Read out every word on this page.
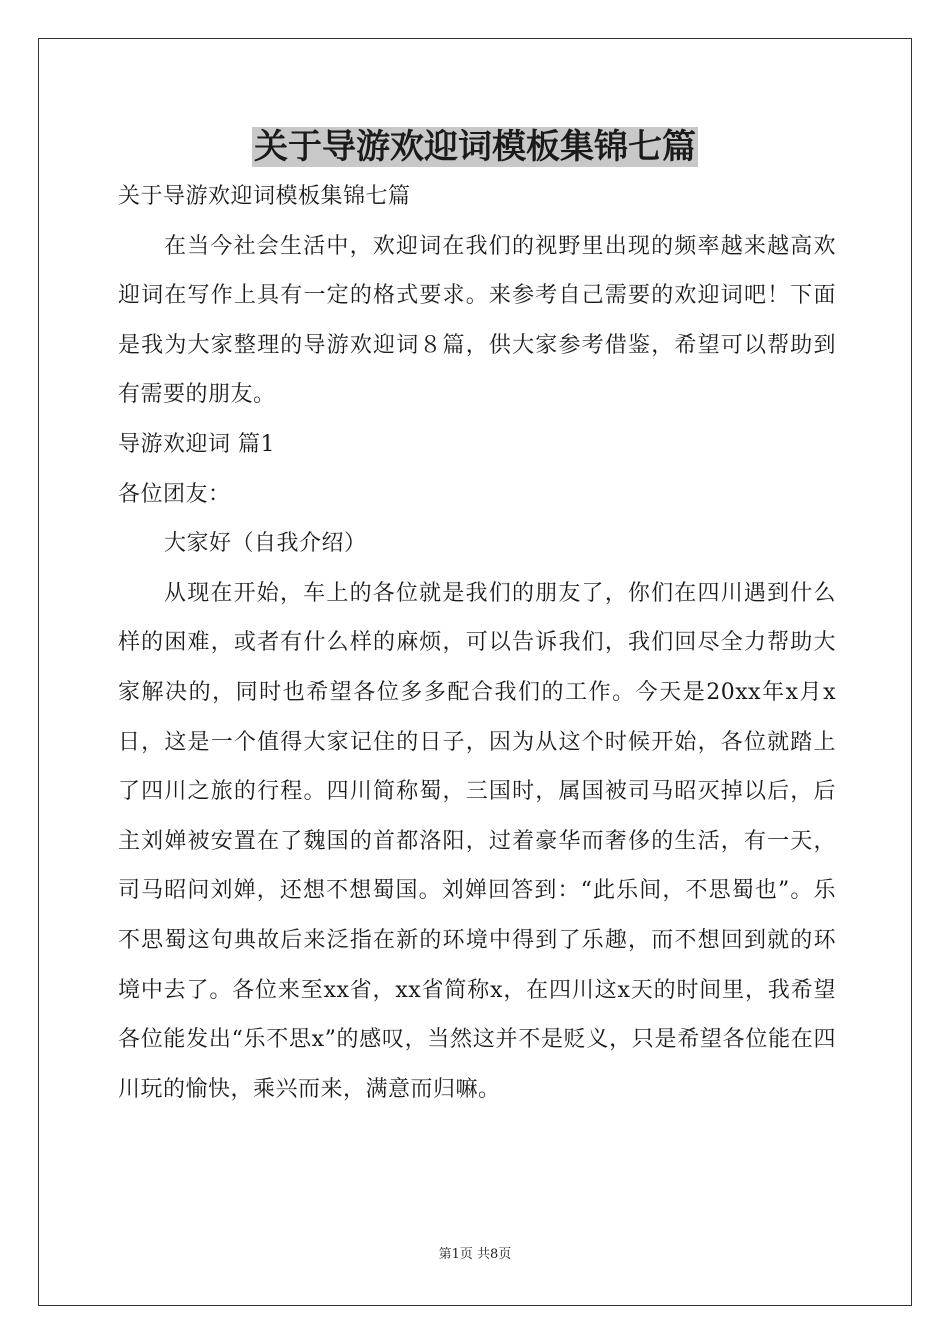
关于导游欢迎词模板集锦七篇

关于导游欢迎词模板集锦七篇

在当今社会生活中，欢迎词在我们的视野里出现的频率越来越高欢迎词在写作上具有一定的格式要求。来参考自己需要的欢迎词吧！下面是我为大家整理的导游欢迎词８篇，供大家参考借鉴，希望可以帮助到有需要的朋友。

导游欢迎词 篇1

各位团友：

大家好（自我介绍）

从现在开始，车上的各位就是我们的朋友了，你们在四川遇到什么样的困难，或者有什么样的麻烦，可以告诉我们，我们回尽全力帮助大家解决的，同时也希望各位多多配合我们的工作。今天是20xx年x月x日，这是一个值得大家记住的日子，因为从这个时候开始，各位就踏上了四川之旅的行程。四川简称蜀，三国时，属国被司马昭灭掉以后，后主刘婵被安置在了魏国的首都洛阳，过着豪华而奢侈的生活，有一天，司马昭问刘婵，还想不想蜀国。刘婵回答到：“此乐间，不思蜀也”。乐不思蜀这句典故后来泛指在新的环境中得到了乐趣，而不想回到就的环境中去了。各位来至xx省，xx省简称x，在四川这x天的时间里，我希望各位能发出“乐不思x”的感叹，当然这并不是贬义，只是希望各位能在四川玩的愉快，乘兴而来，满意而归嘛。

第1页 共8页
